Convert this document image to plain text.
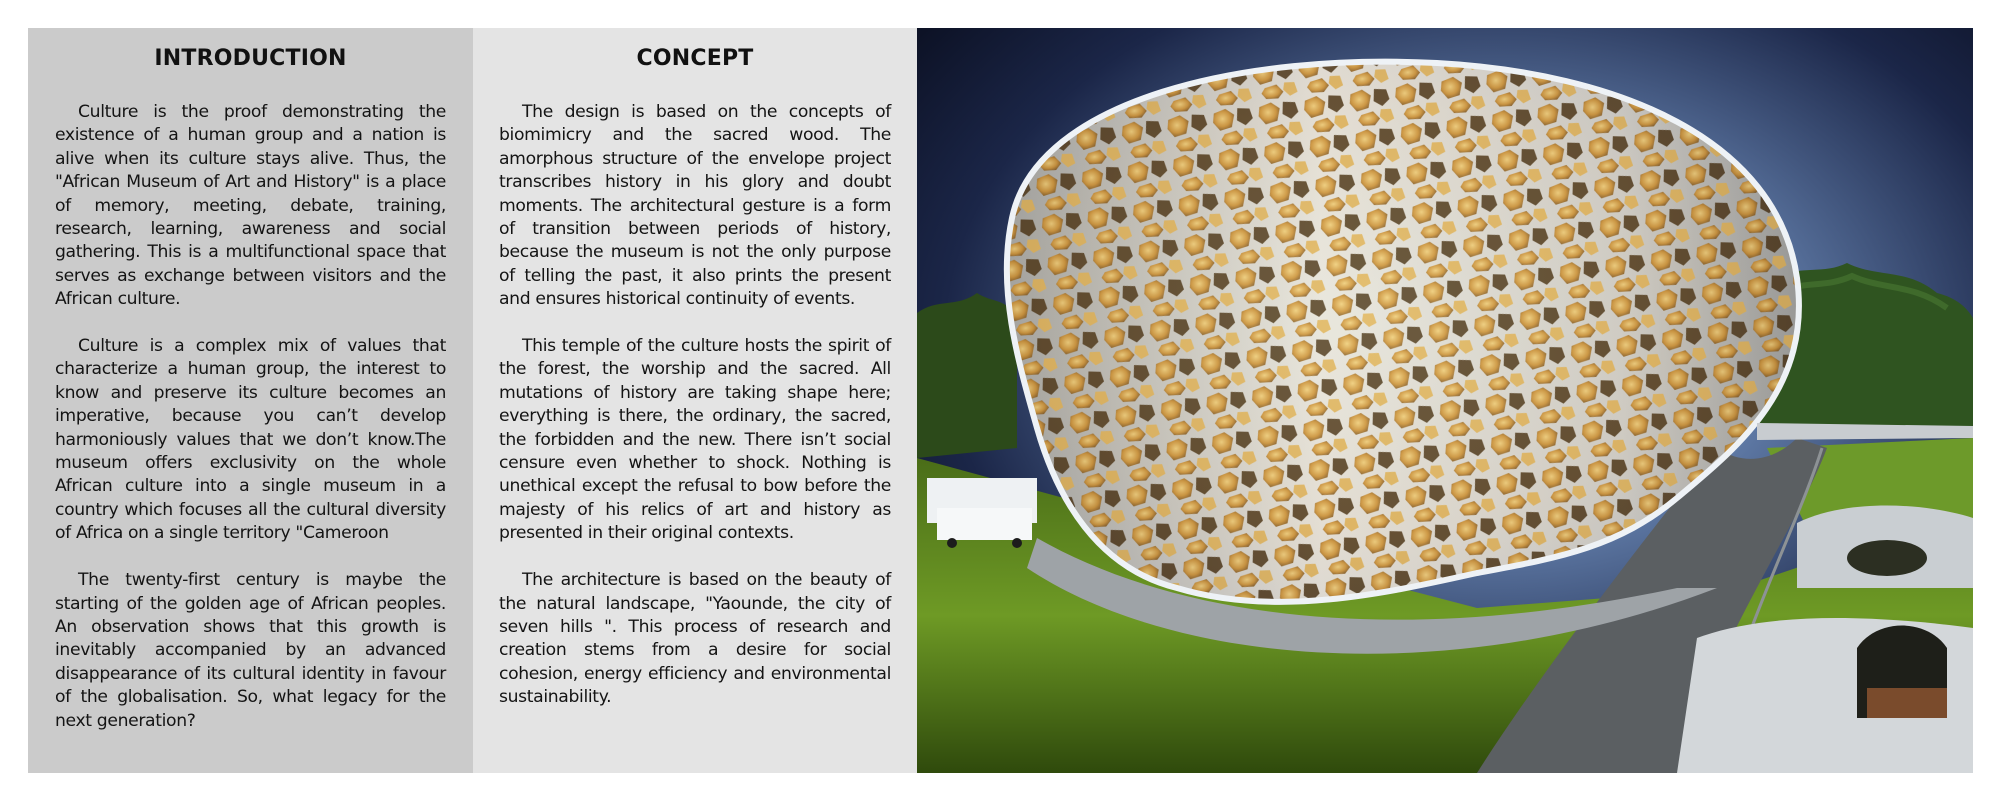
INTRODUCTION

Culture is the proof demonstrating the existence of a human group and a nation is alive when its culture stays alive. Thus, the "African Museum of Art and History" is a place of memory, meeting, debate, training, research, learning, awareness and social gathering. This is a multifunctional space that serves as exchange between visitors and the African culture.

Culture is a complex mix of values that characterize a human group, the interest to know and preserve its culture becomes an imperative, because you can’t develop harmoniously values that we don’t know.The museum offers exclusivity on the whole African culture into a single museum in a country which focuses all the cultural diversity of Africa on a single territory "Cameroon

The twenty-first century is maybe the starting of the golden age of African peoples. An observation shows that this growth is inevitably accompanied by an advanced disappearance of its cultural identity in favour of the globalisation. So, what legacy for the next generation?

CONCEPT

The design is based on the concepts of biomimicry and the sacred wood. The amorphous structure of the envelope project transcribes history in his glory and doubt moments. The architectural gesture is a form of transition between periods of history, because the museum is not the only purpose of telling the past, it also prints the present and ensures historical continuity of events.

This temple of the culture hosts the spirit of the forest, the worship and the sacred. All mutations of history are taking shape here; everything is there, the ordinary, the sacred, the forbidden and the new. There isn’t social censure even whether to shock. Nothing is unethical except the refusal to bow before the majesty of his relics of art and history as presented in their original contexts.

The architecture is based on the beauty of the natural landscape, "Yaounde, the city of seven hills ". This process of research and creation stems from a desire for social cohesion, energy efficiency and environmental sustainability.
